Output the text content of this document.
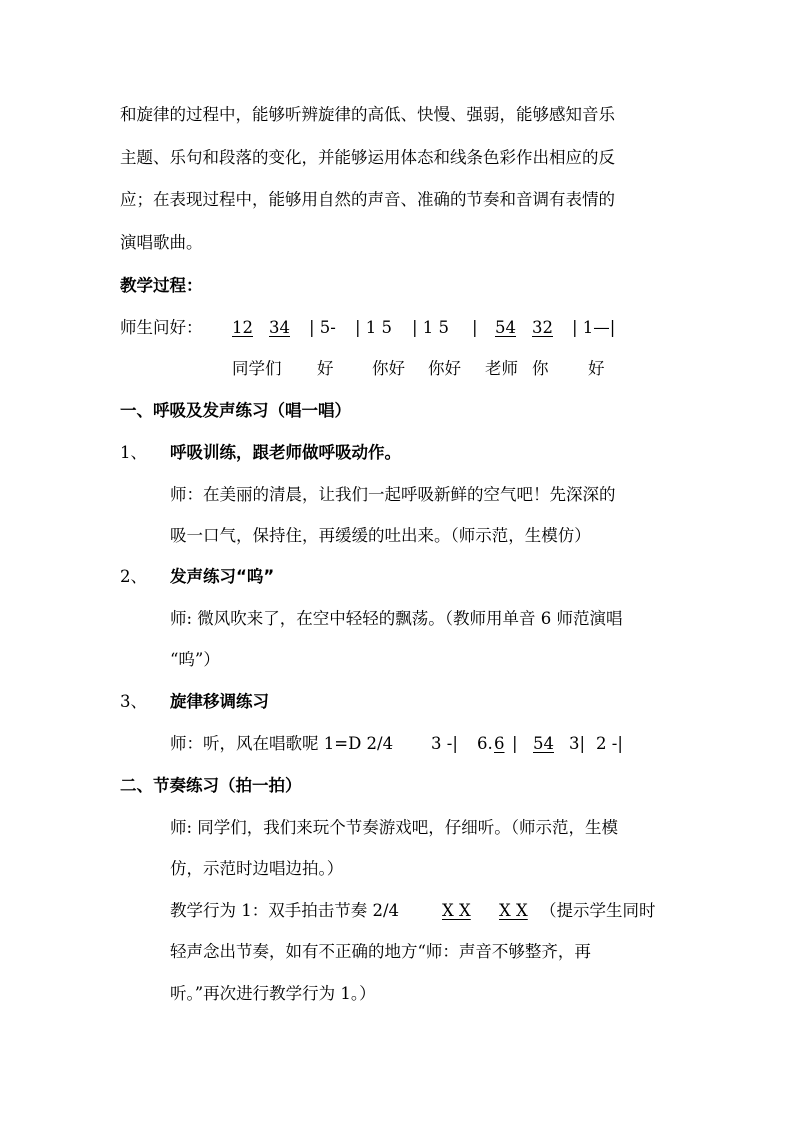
和旋律的过程中，能够听辨旋律的高低、快慢、强弱，能够感知音乐
主题、乐句和段落的变化，并能够运用体态和线条色彩作出相应的反
应；在表现过程中，能够用自然的声音、准确的节奏和音调有表情的
演唱歌曲。
教学过程：
师生问好： 12 34 | 5- | 1 5 | 1 5 | 54 32 | 1—|
同学们 好 你好 你好 老师 你 好
一、呼吸及发声练习（唱一唱）
1、 呼吸训练，跟老师做呼吸动作。
师：在美丽的清晨，让我们一起呼吸新鲜的空气吧！先深深的
吸一口气，保持住，再缓缓的吐出来。（师示范，生模仿）
2、 发声练习“呜”
师: 微风吹来了，在空中轻轻的飘荡。（教师用单音 6 师范演唱
“呜”）
3、 旋律移调练习
师：听，风在唱歌呢 1=D 2/4 3 -| 6. 6 | 54 3| 2 -|
二、节奏练习（拍一拍）
师: 同学们，我们来玩个节奏游戏吧，仔细听。（师示范，生模
仿，示范时边唱边拍。）
教学行为 1：双手拍击节奏 2/4	X X X X （提示学生同时
轻声念出节奏，如有不正确的地方“师：声音不够整齐，再
听。”再次进行教学行为 1。）
